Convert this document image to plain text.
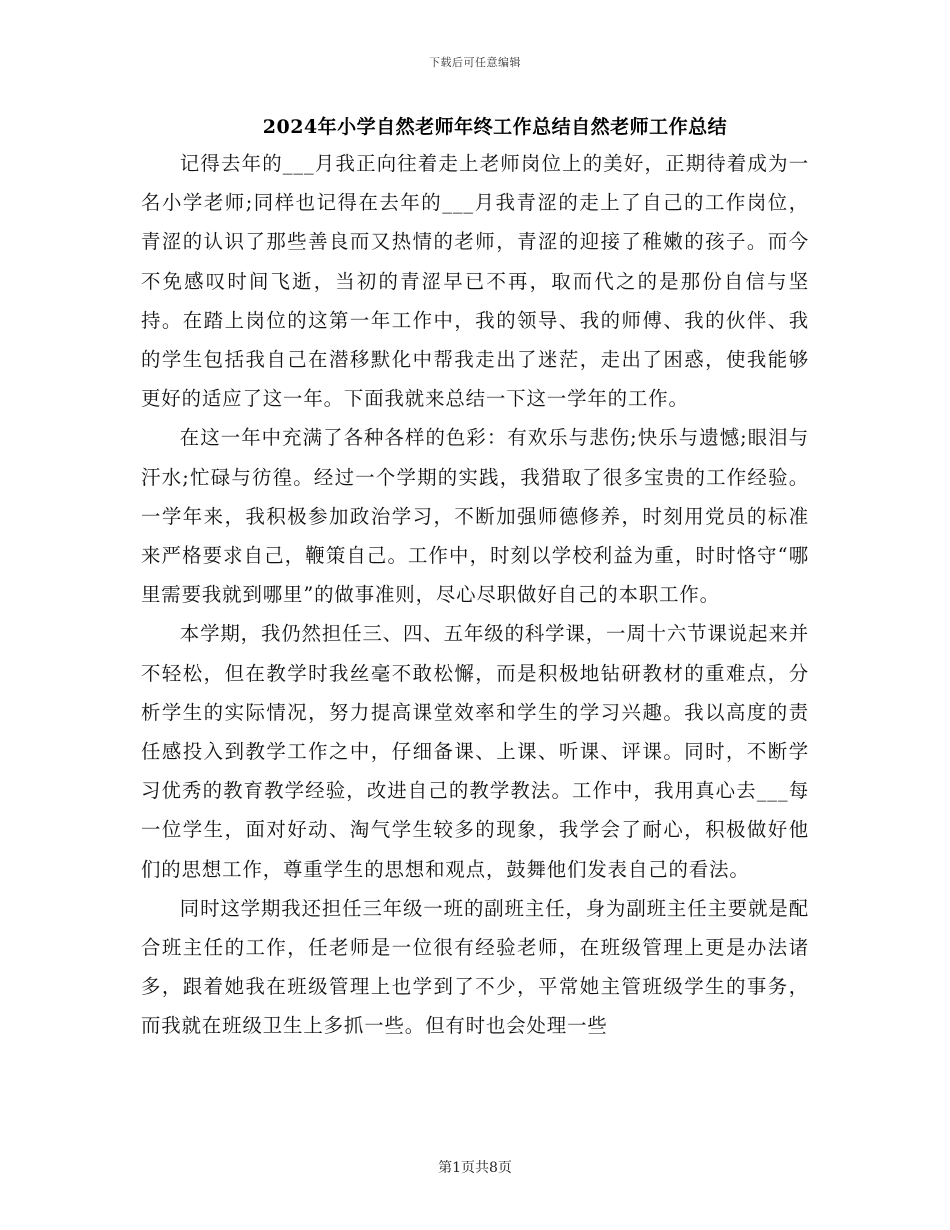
下载后可任意编辑
2024年小学自然老师年终工作总结自然老师工作总结

记得去年的___月我正向往着走上老师岗位上的美好，正期待着成为一名小学老师;同样也记得在去年的___月我青涩的走上了自己的工作岗位，青涩的认识了那些善良而又热情的老师，青涩的迎接了稚嫩的孩子。而今不免感叹时间飞逝，当初的青涩早已不再，取而代之的是那份自信与坚持。在踏上岗位的这第一年工作中，我的领导、我的师傅、我的伙伴、我的学生包括我自己在潜移默化中帮我走出了迷茫，走出了困惑，使我能够更好的适应了这一年。下面我就来总结一下这一学年的工作。

在这一年中充满了各种各样的色彩：有欢乐与悲伤;快乐与遗憾;眼泪与汗水;忙碌与彷徨。经过一个学期的实践，我猎取了很多宝贵的工作经验。一学年来，我积极参加政治学习，不断加强师德修养，时刻用党员的标准来严格要求自己，鞭策自己。工作中，时刻以学校利益为重，时时恪守“哪里需要我就到哪里”的做事准则，尽心尽职做好自己的本职工作。

本学期，我仍然担任三、四、五年级的科学课，一周十六节课说起来并不轻松，但在教学时我丝毫不敢松懈，而是积极地钻研教材的重难点，分析学生的实际情况，努力提高课堂效率和学生的学习兴趣。我以高度的责任感投入到教学工作之中，仔细备课、上课、听课、评课。同时，不断学习优秀的教育教学经验，改进自己的教学教法。工作中，我用真心去___每一位学生，面对好动、淘气学生较多的现象，我学会了耐心，积极做好他们的思想工作，尊重学生的思想和观点，鼓舞他们发表自己的看法。

同时这学期我还担任三年级一班的副班主任，身为副班主任主要就是配合班主任的工作，任老师是一位很有经验老师，在班级管理上更是办法诸多，跟着她我在班级管理上也学到了不少，平常她主管班级学生的事务，而我就在班级卫生上多抓一些。但有时也会处理一些

第1页共8页
